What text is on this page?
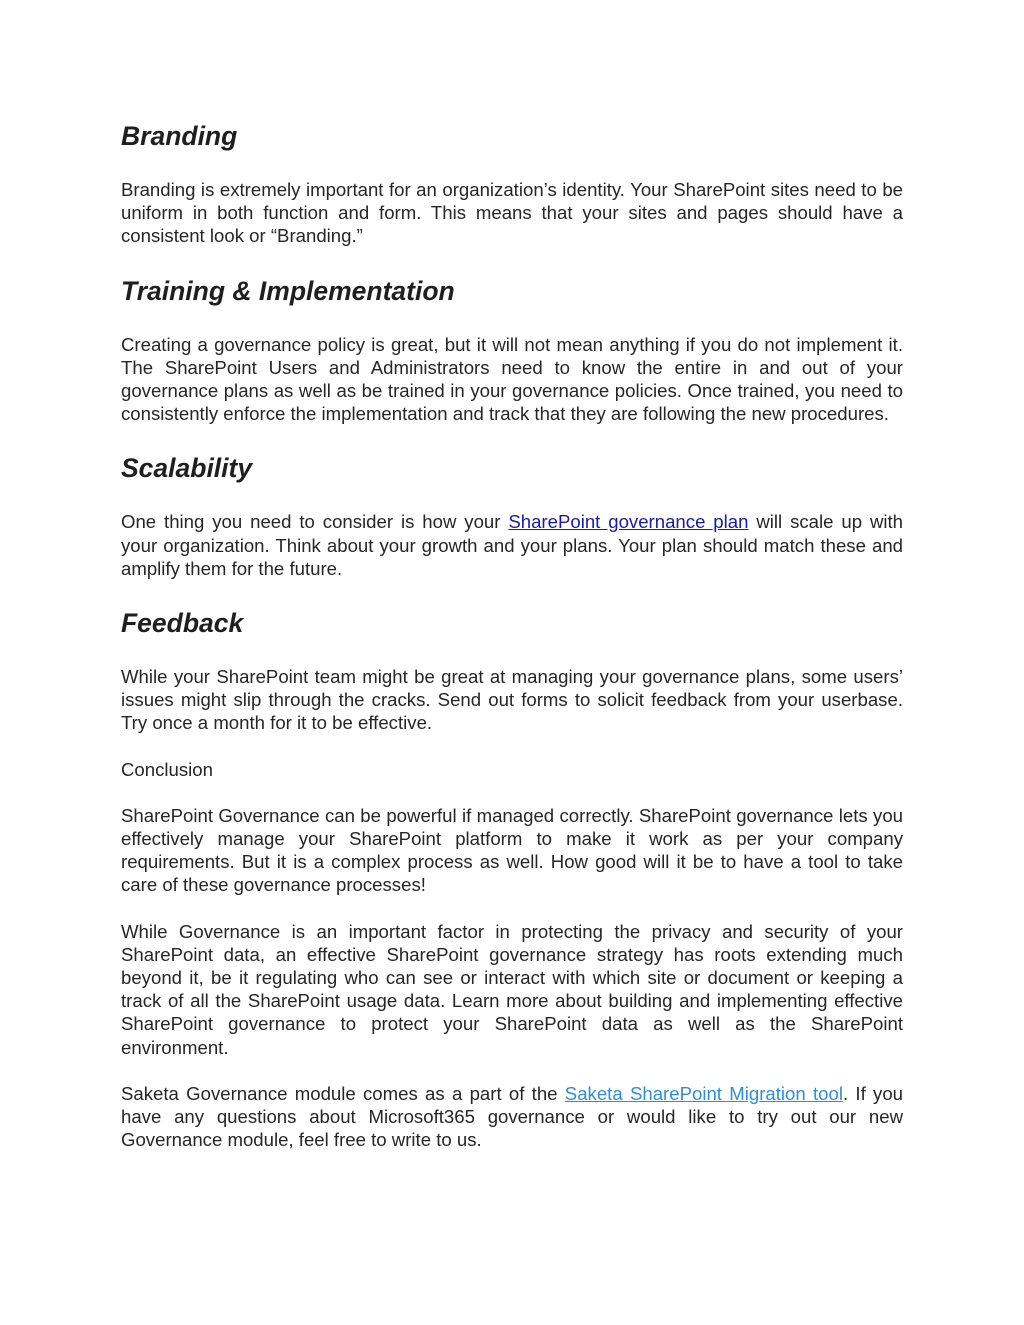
Branding

Branding is extremely important for an organization’s identity. Your SharePoint sites need to be uniform in both function and form. This means that your sites and pages should have a consistent look or “Branding.”

Training & Implementation

Creating a governance policy is great, but it will not mean anything if you do not implement it. The SharePoint Users and Administrators need to know the entire in and out of your governance plans as well as be trained in your governance policies. Once trained, you need to consistently enforce the implementation and track that they are following the new procedures.

Scalability

One thing you need to consider is how your SharePoint governance plan will scale up with your organization. Think about your growth and your plans. Your plan should match these and amplify them for the future.

Feedback

While your SharePoint team might be great at managing your governance plans, some users’ issues might slip through the cracks. Send out forms to solicit feedback from your userbase. Try once a month for it to be effective.

Conclusion

SharePoint Governance can be powerful if managed correctly. SharePoint governance lets you effectively manage your SharePoint platform to make it work as per your company requirements. But it is a complex process as well. How good will it be to have a tool to take care of these governance processes!

While Governance is an important factor in protecting the privacy and security of your SharePoint data, an effective SharePoint governance strategy has roots extending much beyond it, be it regulating who can see or interact with which site or document or keeping a track of all the SharePoint usage data. Learn more about building and implementing effective SharePoint governance to protect your SharePoint data as well as the SharePoint environment.

Saketa Governance module comes as a part of the Saketa SharePoint Migration tool. If you have any questions about Microsoft365 governance or would like to try out our new Governance module, feel free to write to us.
